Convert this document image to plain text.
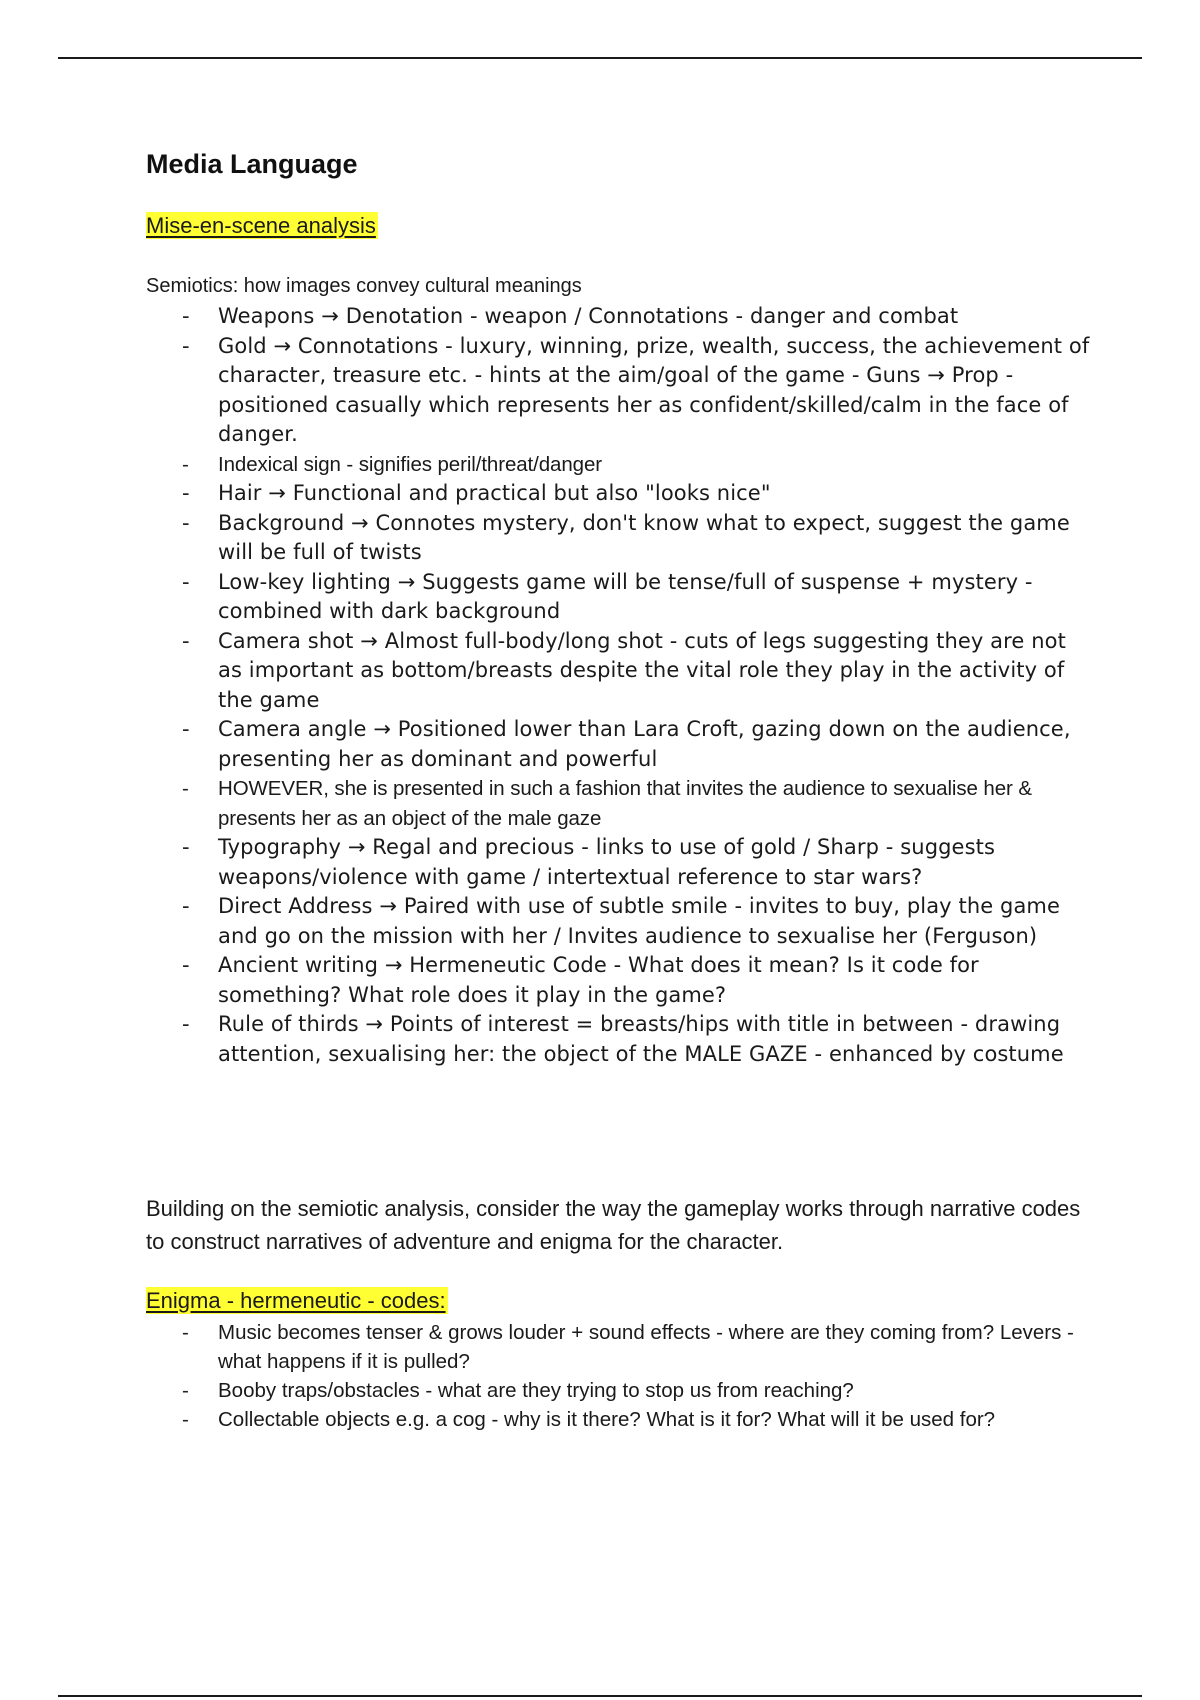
Media Language

Mise-en-scene analysis

Semiotics: how images convey cultural meanings

- Weapons → Denotation - weapon / Connotations - danger and combat
- Gold → Connotations - luxury, winning, prize, wealth, success, the achievement of character, treasure etc. - hints at the aim/goal of the game - Guns → Prop - positioned casually which represents her as confident/skilled/calm in the face of danger.
- Indexical sign - signifies peril/threat/danger
- Hair → Functional and practical but also "looks nice"
- Background → Connotes mystery, don't know what to expect, suggest the game will be full of twists
- Low-key lighting → Suggests game will be tense/full of suspense + mystery - combined with dark background
- Camera shot → Almost full-body/long shot - cuts of legs suggesting they are not as important as bottom/breasts despite the vital role they play in the activity of the game
- Camera angle → Positioned lower than Lara Croft, gazing down on the audience, presenting her as dominant and powerful
- HOWEVER, she is presented in such a fashion that invites the audience to sexualise her & presents her as an object of the male gaze
- Typography → Regal and precious - links to use of gold / Sharp - suggests weapons/violence with game / intertextual reference to star wars?
- Direct Address → Paired with use of subtle smile - invites to buy, play the game and go on the mission with her / Invites audience to sexualise her (Ferguson)
- Ancient writing → Hermeneutic Code - What does it mean? Is it code for something? What role does it play in the game?
- Rule of thirds → Points of interest = breasts/hips with title in between - drawing attention, sexualising her: the object of the MALE GAZE - enhanced by costume

Building on the semiotic analysis, consider the way the gameplay works through narrative codes to construct narratives of adventure and enigma for the character.

Enigma - hermeneutic - codes:

- Music becomes tenser & grows louder + sound effects - where are they coming from? Levers - what happens if it is pulled?
- Booby traps/obstacles - what are they trying to stop us from reaching?
- Collectable objects e.g. a cog - why is it there? What is it for? What will it be used for?
